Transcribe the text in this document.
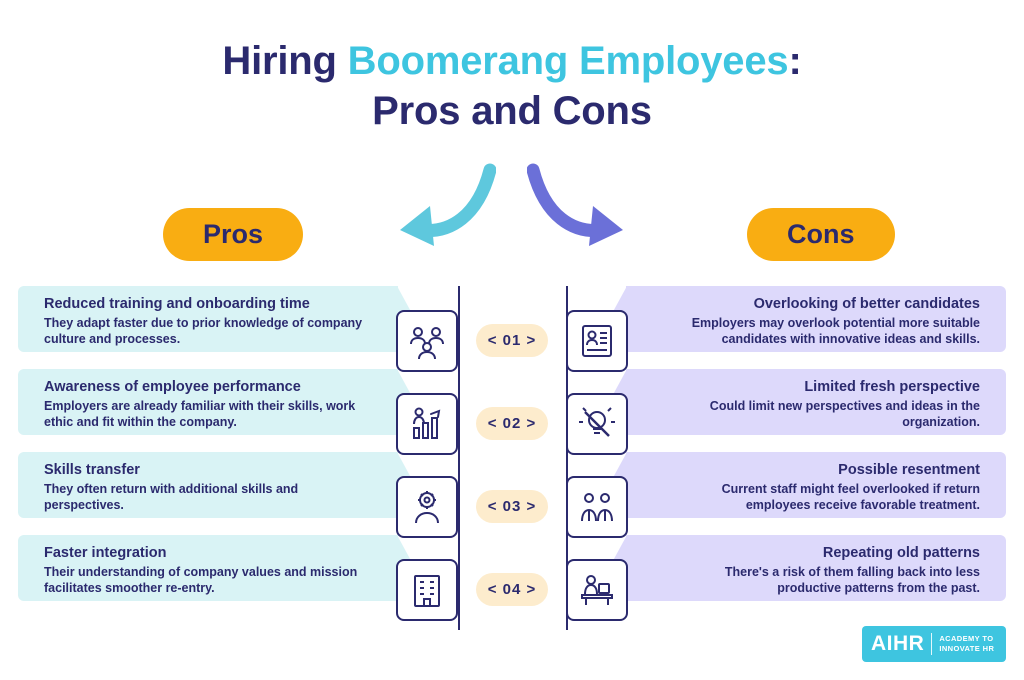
Hiring Boomerang Employees:
Pros and Cons
Pros	Cons
< 01 >
Reduced training and onboarding time
They adapt faster due to prior knowledge of company culture and processes.
Overlooking of better candidates
Employers may overlook potential more suitable candidates with innovative ideas and skills.
< 02 >
Awareness of employee performance
Employers are already familiar with their skills, work ethic and fit within the company.
Limited fresh perspective
Could limit new perspectives and ideas in the organization.
< 03 >
Skills transfer
They often return with additional skills and perspectives.
Possible resentment
Current staff might feel overlooked if return employees receive favorable treatment.
< 04 >
Faster integration
Their understanding of company values and mission facilitates smoother re-entry.
Repeating old patterns
There's a risk of them falling back into less productive patterns from the past.
AIHR ACADEMY TO
INNOVATE HR
